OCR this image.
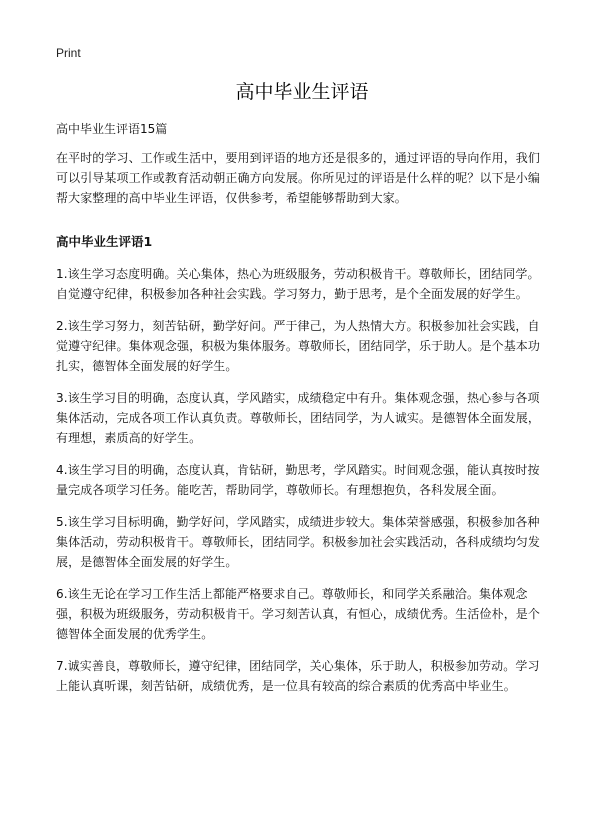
Print
高中毕业生评语

高中毕业生评语15篇

在平时的学习、工作或生活中，要用到评语的地方还是很多的，通过评语的导向作用，我们可以引导某项工作或教育活动朝正确方向发展。你所见过的评语是什么样的呢？以下是小编帮大家整理的高中毕业生评语，仅供参考，希望能够帮助到大家。

高中毕业生评语1
1.该生学习态度明确。关心集体，热心为班级服务，劳动积极肯干。尊敬师长，团结同学。自觉遵守纪律，积极参加各种社会实践。学习努力，勤于思考，是个全面发展的好学生。
2.该生学习努力，刻苦钻研，勤学好问。严于律己，为人热情大方。积极参加社会实践，自觉遵守纪律。集体观念强，积极为集体服务。尊敬师长，团结同学，乐于助人。是个基本功扎实，德智体全面发展的好学生。
3.该生学习目的明确，态度认真，学风踏实，成绩稳定中有升。集体观念强，热心参与各项集体活动，完成各项工作认真负责。尊敬师长，团结同学，为人诚实。是德智体全面发展，有理想，素质高的好学生。
4.该生学习目的明确，态度认真，肯钻研，勤思考，学风踏实。时间观念强，能认真按时按量完成各项学习任务。能吃苦，帮助同学，尊敬师长。有理想抱负，各科发展全面。
5.该生学习目标明确，勤学好问，学风踏实，成绩进步较大。集体荣誉感强，积极参加各种集体活动，劳动积极肯干。尊敬师长，团结同学。积极参加社会实践活动，各科成绩均匀发展，是德智体全面发展的好学生。
6.该生无论在学习工作生活上都能严格要求自己。尊敬师长，和同学关系融洽。集体观念强，积极为班级服务，劳动积极肯干。学习刻苦认真，有恒心，成绩优秀。生活俭朴，是个德智体全面发展的优秀学生。
7.诚实善良，尊敬师长，遵守纪律，团结同学，关心集体，乐于助人，积极参加劳动。学习上能认真听课，刻苦钻研，成绩优秀，是一位具有较高的综合素质的优秀高中毕业生。
